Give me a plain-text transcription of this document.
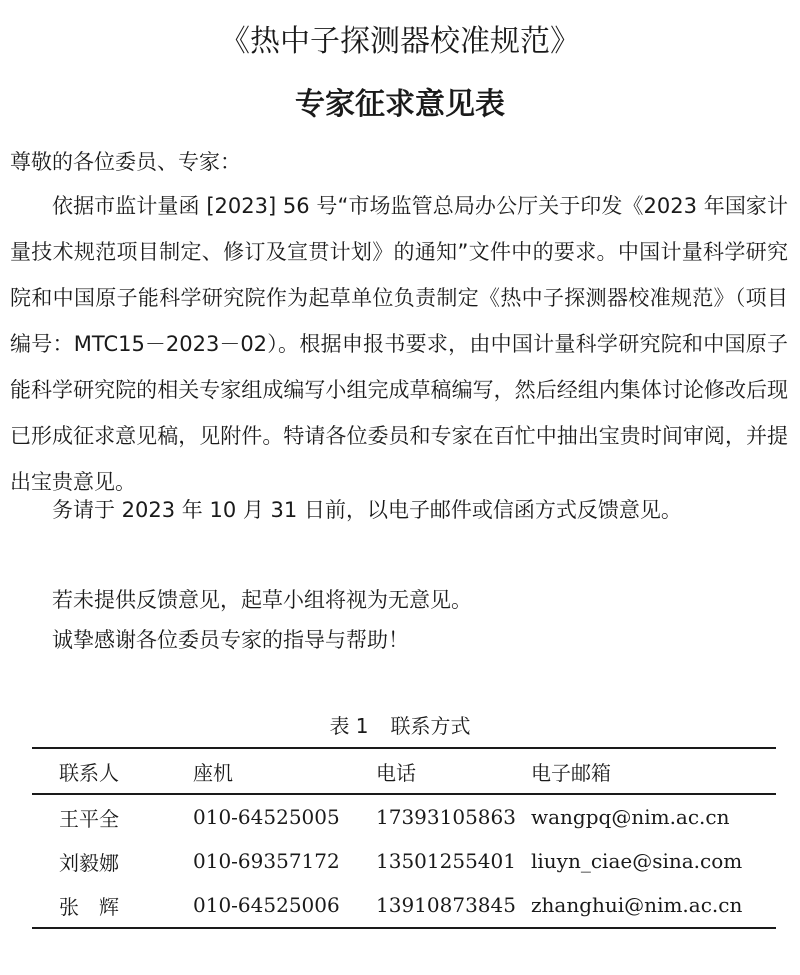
《热中子探测器校准规范》
专家征求意见表

尊敬的各位委员、专家：

依据市监计量函 [2023] 56 号“市场监管总局办公厅关于印发《2023 年国家计量技术规范项目制定、修订及宣贯计划》的通知”文件中的要求。中国计量科学研究院和中国原子能科学研究院作为起草单位负责制定《热中子探测器校准规范》（项目编号：MTC15－2023－02）。根据申报书要求，由中国计量科学研究院和中国原子能科学研究院的相关专家组成编写小组完成草稿编写，然后经组内集体讨论修改后现已形成征求意见稿，见附件。特请各位委员和专家在百忙中抽出宝贵时间审阅，并提出宝贵意见。

务请于 2023 年 10 月 31 日前，以电子邮件或信函方式反馈意见。

若未提供反馈意见，起草小组将视为无意见。

诚挚感谢各位委员专家的指导与帮助！

表 1 联系方式
联系人	座机	电话	电子邮箱
王平全	010-64525005	17393105863	wangpq@nim.ac.cn
刘毅娜	010-69357172	13501255401	liuyn_ciae@sina.com
张　辉	010-64525006	13910873845	zhanghui@nim.ac.cn
